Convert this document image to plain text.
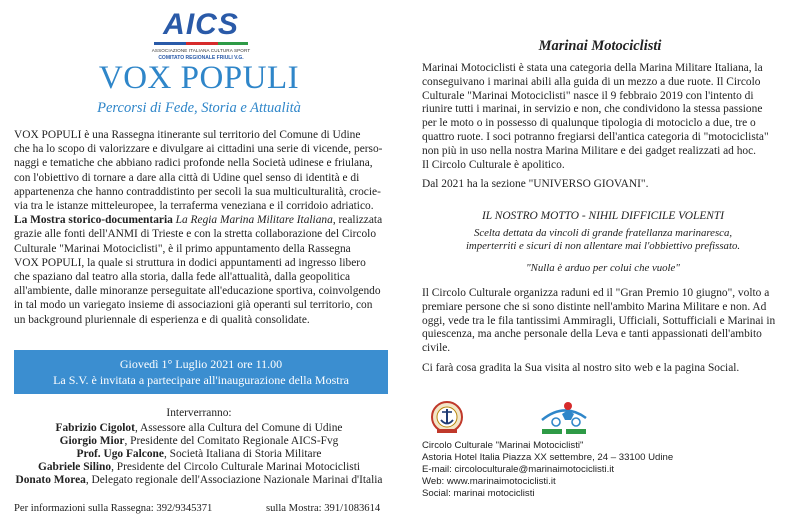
AICS
ASSOCIAZIONE ITALIANA CULTURA SPORT
COMITATO REGIONALE FRIULI V.G.
VOX POPULI
Percorsi di Fede, Storia e Attualità
VOX POPULI è una Rassegna itinerante sul territorio del Comune di Udine
che ha lo scopo di valorizzare e divulgare ai cittadini una serie di vicende, perso-
naggi e tematiche che abbiano radici profonde nella Società udinese e friulana,
con l'obiettivo di tornare a dare alla città di Udine quel senso di identità e di
appartenenza che hanno contraddistinto per secoli la sua multiculturalità, crocie-
via tra le istanze mitteleuropee, la terraferma veneziana e il corridoio adriatico.
La Mostra storico-documentaria La Regia Marina Militare Italiana, realizzata
grazie alle fonti dell'ANMI di Trieste e con la stretta collaborazione del Circolo
Culturale "Marinai Motociclisti", è il primo appuntamento della Rassegna
VOX POPULI, la quale si struttura in dodici appuntamenti ad ingresso libero
che spaziano dal teatro alla storia, dalla fede all'attualità, dalla geopolitica
all'ambiente, dalle minoranze perseguitate all'educazione sportiva, coinvolgendo
in tal modo un variegato insieme di associazioni già operanti sul territorio, con
un background pluriennale di esperienza e di qualità consolidate.
Giovedì 1° Luglio 2021 ore 11.00
La S.V. è invitata a partecipare all'inaugurazione della Mostra
Interverranno:
Fabrizio Cigolot, Assessore alla Cultura del Comune di Udine
Giorgio Mior, Presidente del Comitato Regionale AICS-Fvg
Prof. Ugo Falcone, Società Italiana di Storia Militare
Gabriele Silino, Presidente del Circolo Culturale Marinai Motociclisti
Donato Morea, Delegato regionale dell'Associazione Nazionale Marinai d'Italia
Per informazioni sulla Rassegna: 392/9345371	sulla Mostra: 391/1083614
Marinai Motociclisti
Marinai Motociclisti è stata una categoria della Marina Militare Italiana, la
conseguivano i marinai abili alla guida di un mezzo a due ruote. Il Circolo
Culturale "Marinai Motociclisti" nasce il 9 febbraio 2019 con l'intento di
riunire tutti i marinai, in servizio e non, che condividono la stessa passione
per le moto o in possesso di qualunque tipologia di motociclo a due, tre o
quattro ruote. I soci potranno fregiarsi dell'antica categoria di "motociclista"
non più in uso nella nostra Marina Militare e dei gadget realizzati ad hoc.
Il Circolo Culturale è apolitico.
Dal 2021 ha la sezione "UNIVERSO GIOVANI".
IL NOSTRO MOTTO - NIHIL DIFFICILE VOLENTI
Scelta dettata da vincoli di grande fratellanza marinaresca,
imperterriti e sicuri di non allentare mai l'obbiettivo prefissato.
"Nulla è arduo per colui che vuole"
Il Circolo Culturale organizza raduni ed il "Gran Premio 10 giugno", volto a
premiare persone che si sono distinte nell'ambito Marina Militare e non. Ad
oggi, vede tra le fila tantissimi Ammiragli, Ufficiali, Sottufficiali e Marinai in
quiescenza, ma anche personale della Leva e tanti appassionati dell'ambito
civile.
Ci farà cosa gradita la Sua visita al nostro sito web e la pagina Social.
Circolo Culturale "Marinai Motociclisti"
Astoria Hotel Italia Piazza XX settembre, 24 – 33100 Udine
E-mail: circoloculturale@marinaimotociclisti.it
Web: www.marinaimotociclisti.it
Social: marinai motociclisti
